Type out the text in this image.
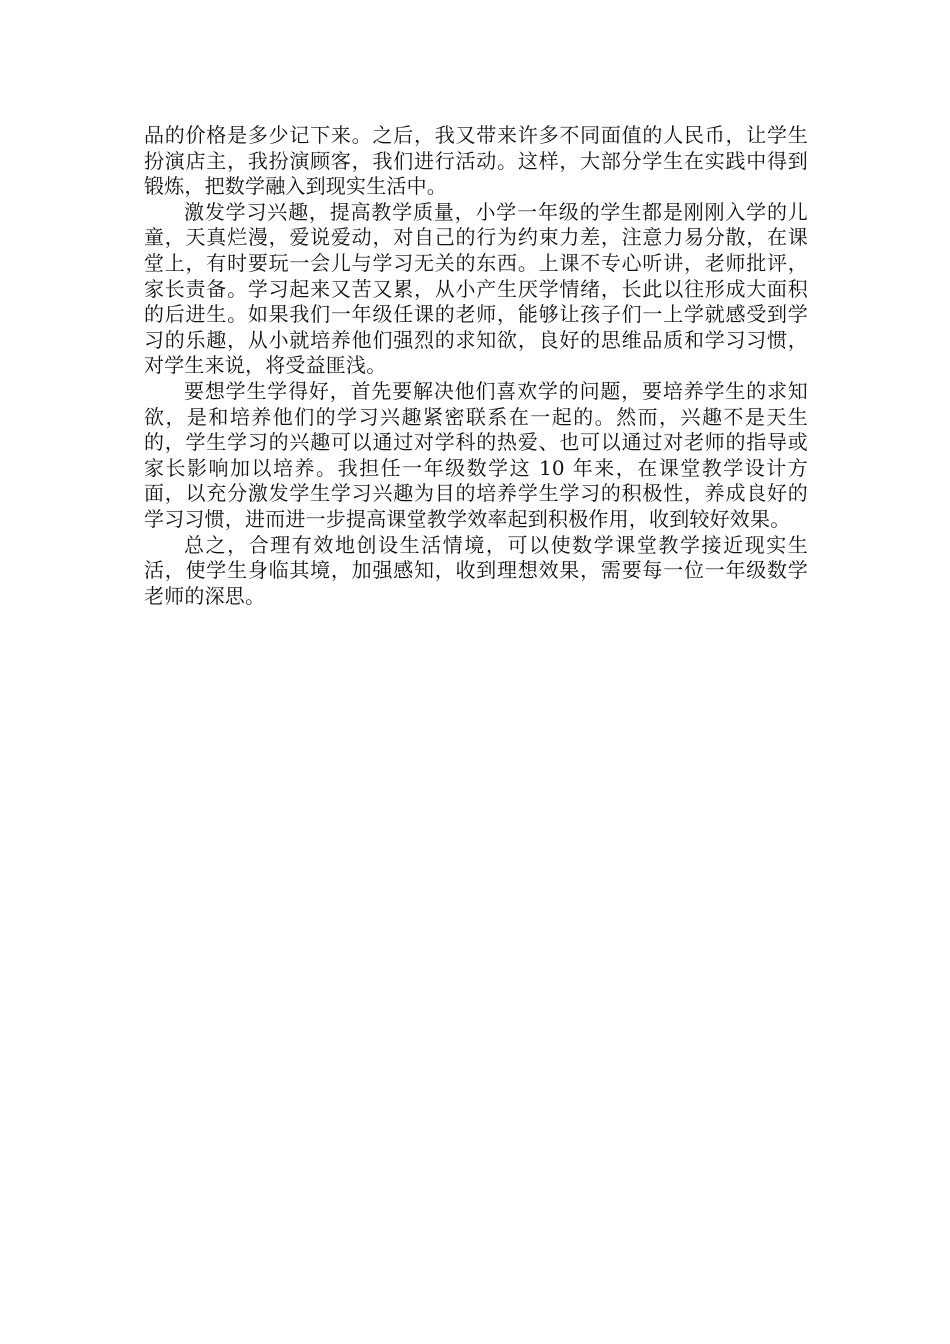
品的价格是多少记下来。之后，我又带来许多不同面值的人民币，让学生扮演店主，我扮演顾客，我们进行活动。这样，大部分学生在实践中得到锻炼，把数学融入到现实生活中。

激发学习兴趣，提高教学质量，小学一年级的学生都是刚刚入学的儿童，天真烂漫，爱说爱动，对自己的行为约束力差，注意力易分散，在课堂上，有时要玩一会儿与学习无关的东西。上课不专心听讲，老师批评，家长责备。学习起来又苦又累，从小产生厌学情绪，长此以往形成大面积的后进生。如果我们一年级任课的老师，能够让孩子们一上学就感受到学习的乐趣，从小就培养他们强烈的求知欲，良好的思维品质和学习习惯，对学生来说，将受益匪浅。

要想学生学得好，首先要解决他们喜欢学的问题，要培养学生的求知欲，是和培养他们的学习兴趣紧密联系在一起的。然而，兴趣不是天生的，学生学习的兴趣可以通过对学科的热爱、也可以通过对老师的指导或家长影响加以培养。我担任一年级数学这 10 年来，在课堂教学设计方面，以充分激发学生学习兴趣为目的培养学生学习的积极性，养成良好的学习习惯，进而进一步提高课堂教学效率起到积极作用，收到较好效果。

总之，合理有效地创设生活情境，可以使数学课堂教学接近现实生活，使学生身临其境，加强感知，收到理想效果，需要每一位一年级数学老师的深思。
